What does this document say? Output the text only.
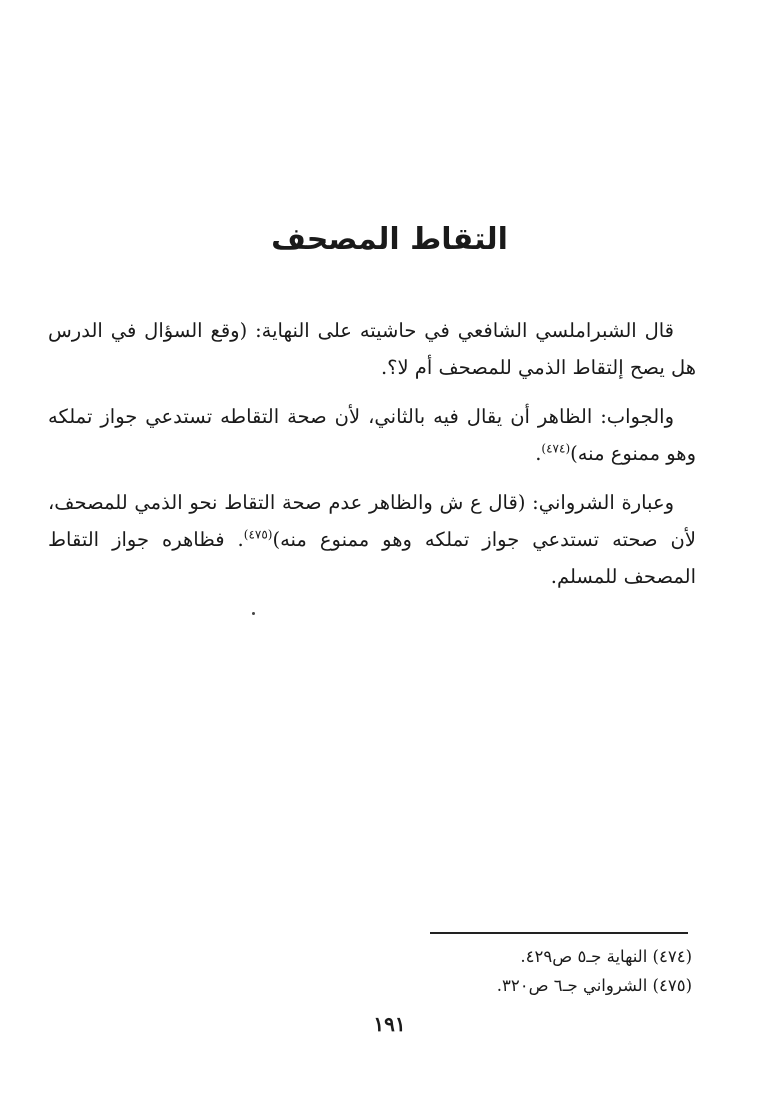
التقاط المصحف

قال الشبراملسي الشافعي في حاشيته على النهاية: (وقع السؤال في الدرس هل يصح إلتقاط الذمي للمصحف أم لا؟.

والجواب: الظاهر أن يقال فيه بالثاني، لأن صحة التقاطه تستدعي جواز تملكه وهو ممنوع منه)$^{(٤٧٤)}$.

وعبارة الشرواني: (قال ع ش والظاهر عدم صحة التقاط نحو الذمي للمصحف، لأن صحته تستدعي جواز تملكه وهو ممنوع منه)$^{(٤٧٥)}$. فظاهره جواز التقاط المصحف للمسلم.

(٤٧٤) النهاية جـ٥ ص٤٢٩.

(٤٧٥) الشرواني جـ٦ ص٣٢٠.

١٩١
